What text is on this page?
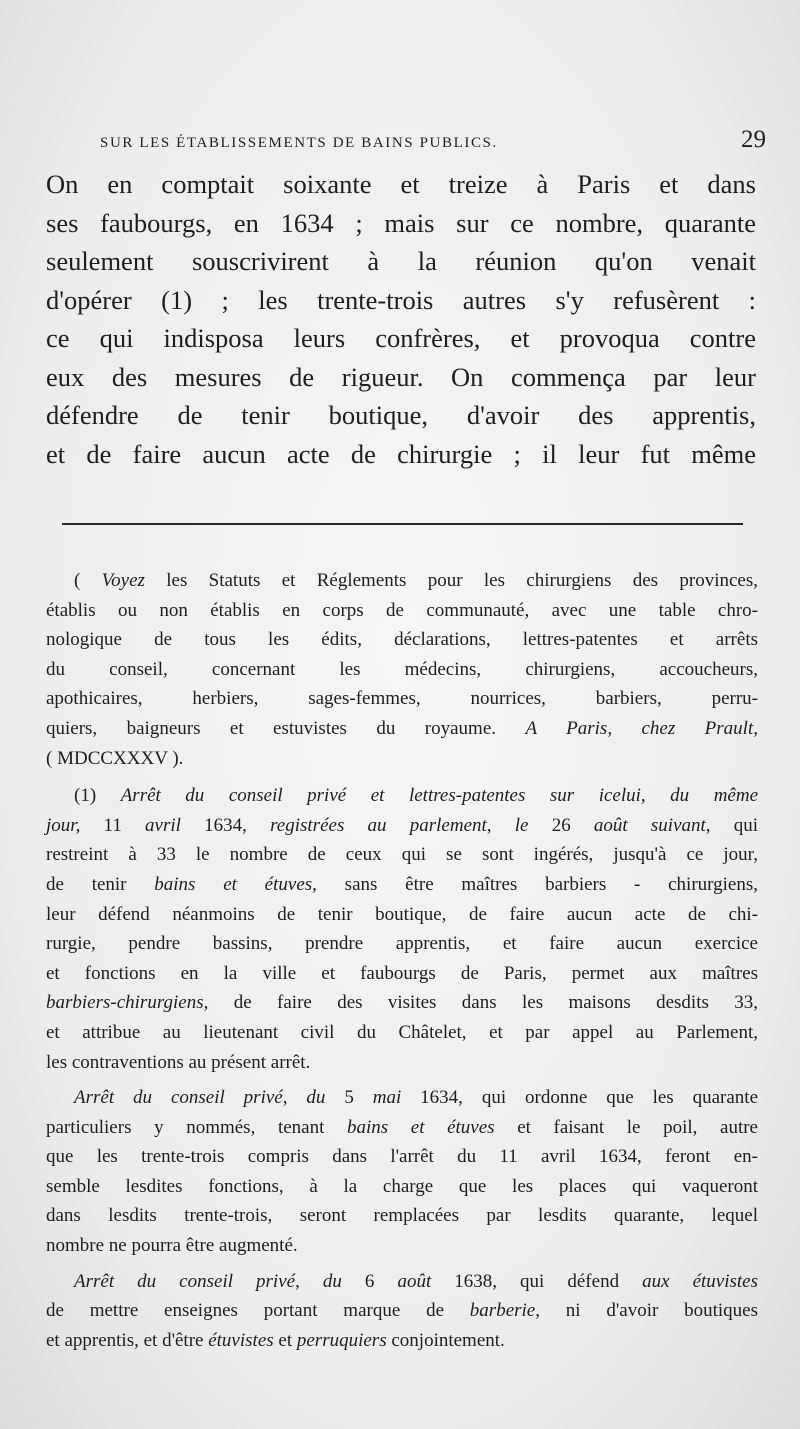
SUR LES ÉTABLISSEMENTS DE BAINS PUBLICS.	29
On en comptait soixante et treize à Paris et dans
ses faubourgs, en 1634 ; mais sur ce nombre, quarante
seulement souscrivirent à la réunion qu'on venait
d'opérer (1) ; les trente-trois autres s'y refusèrent :
ce qui indisposa leurs confrères, et provoqua contre
eux des mesures de rigueur. On commença par leur
défendre de tenir boutique, d'avoir des apprentis,
et de faire aucun acte de chirurgie ; il leur fut même
( Voyez les Statuts et Réglements pour les chirurgiens des provinces,
établis ou non établis en corps de communauté, avec une table chro-
nologique de tous les édits, déclarations, lettres-patentes et arrêts
du conseil, concernant les médecins, chirurgiens, accoucheurs,
apothicaires, herbiers, sages-femmes, nourrices, barbiers, perru-
quiers, baigneurs et estuvistes du royaume. A Paris, chez Prault,
( MDCCXXXV ).
(1) Arrêt du conseil privé et lettres-patentes sur icelui, du même
jour, 11 avril 1634, registrées au parlement, le 26 août suivant, qui
restreint à 33 le nombre de ceux qui se sont ingérés, jusqu'à ce jour,
de tenir bains et étuves, sans être maîtres barbiers - chirurgiens,
leur défend néanmoins de tenir boutique, de faire aucun acte de chi-
rurgie, pendre bassins, prendre apprentis, et faire aucun exercice
et fonctions en la ville et faubourgs de Paris, permet aux maîtres
barbiers-chirurgiens, de faire des visites dans les maisons desdits 33,
et attribue au lieutenant civil du Châtelet, et par appel au Parlement,
les contraventions au présent arrêt.
Arrêt du conseil privé, du 5 mai 1634, qui ordonne que les quarante
particuliers y nommés, tenant bains et étuves et faisant le poil, autre
que les trente-trois compris dans l'arrêt du 11 avril 1634, feront en-
semble lesdites fonctions, à la charge que les places qui vaqueront
dans lesdits trente-trois, seront remplacées par lesdits quarante, lequel
nombre ne pourra être augmenté.
Arrêt du conseil privé, du 6 août 1638, qui défend aux étuvistes
de mettre enseignes portant marque de barberie, ni d'avoir boutiques
et apprentis, et d'être étuvistes et perruquiers conjointement.
